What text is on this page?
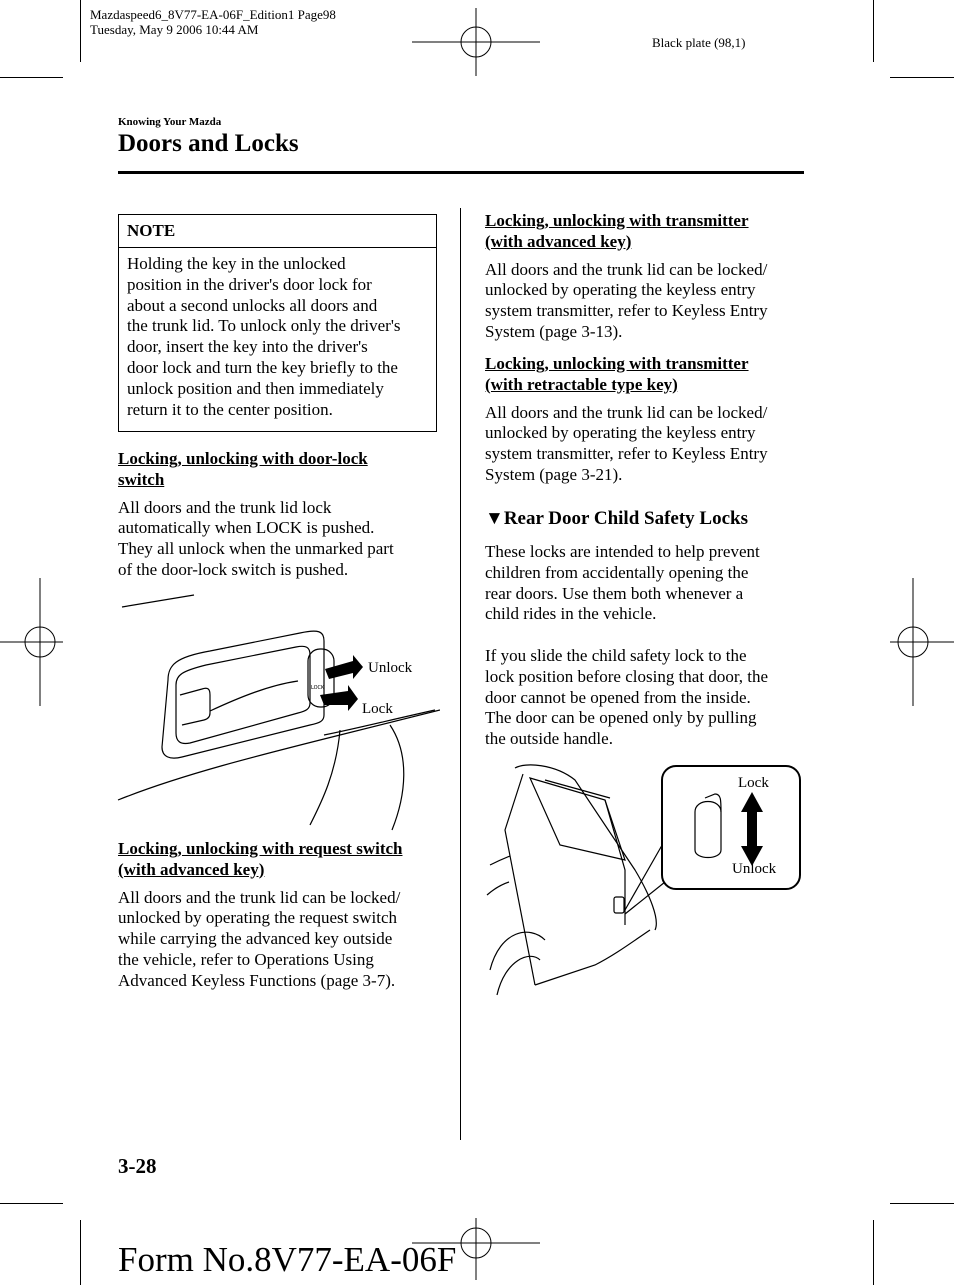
Mazdaspeed6_8V77-EA-06F_Edition1 Page98
Tuesday, May 9 2006 10:44 AM
Black plate (98,1)
Knowing Your Mazda
Doors and Locks
NOTE
Holding the key in the unlocked
position in the driver's door lock for
about a second unlocks all doors and
the trunk lid. To unlock only the driver's
door, insert the key into the driver's
door lock and turn the key briefly to the
unlock position and then immediately
return it to the center position.
Locking, unlocking with door-lock
switch
All doors and the trunk lid lock
automatically when LOCK is pushed.
They all unlock when the unmarked part
of the door-lock switch is pushed.
LOCK
Unlock
Lock
Locking, unlocking with request switch
(with advanced key)
All doors and the trunk lid can be locked/
unlocked by operating the request switch
while carrying the advanced key outside
the vehicle, refer to Operations Using
Advanced Keyless Functions (page 3-7).
Locking, unlocking with transmitter
(with advanced key)
All doors and the trunk lid can be locked/
unlocked by operating the keyless entry
system transmitter, refer to Keyless Entry
System (page 3-13).
Locking, unlocking with transmitter
(with retractable type key)
All doors and the trunk lid can be locked/
unlocked by operating the keyless entry
system transmitter, refer to Keyless Entry
System (page 3-21).
▼Rear Door Child Safety Locks
These locks are intended to help prevent
children from accidentally opening the
rear doors. Use them both whenever a
child rides in the vehicle.
If you slide the child safety lock to the
lock position before closing that door, the
door cannot be opened from the inside.
The door can be opened only by pulling
the outside handle.
Lock
Unlock
3-28
Form No.8V77-EA-06F
